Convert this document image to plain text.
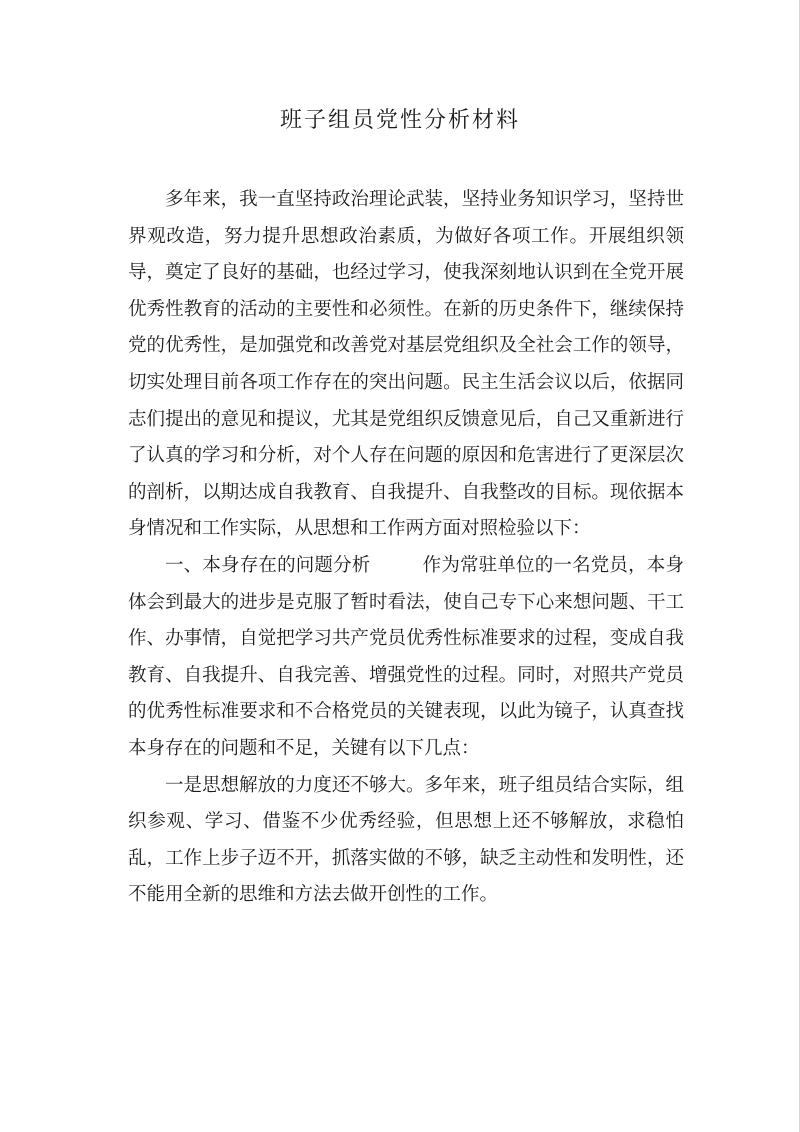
班子组员党性分析材料

多年来，我一直坚持政治理论武装，坚持业务知识学习，坚持世界观改造，努力提升思想政治素质，为做好各项工作。开展组织领导，奠定了良好的基础，也经过学习，使我深刻地认识到在全党开展优秀性教育的活动的主要性和必须性。在新的历史条件下，继续保持党的优秀性，是加强党和改善党对基层党组织及全社会工作的领导，切实处理目前各项工作存在的突出问题。民主生活会议以后，依据同志们提出的意见和提议，尤其是党组织反馈意见后，自己又重新进行了认真的学习和分析，对个人存在问题的原因和危害进行了更深层次的剖析，以期达成自我教育、自我提升、自我整改的目标。现依据本身情况和工作实际，从思想和工作两方面对照检验以下：

一、本身存在的问题分析	作为常驻单位的一名党员，本身体会到最大的进步是克服了暂时看法，使自己专下心来想问题、干工作、办事情，自觉把学习共产党员优秀性标准要求的过程，变成自我教育、自我提升、自我完善、增强党性的过程。同时，对照共产党员的优秀性标准要求和不合格党员的关键表现，以此为镜子，认真查找本身存在的问题和不足，关键有以下几点：

一是思想解放的力度还不够大。多年来，班子组员结合实际，组织参观、学习、借鉴不少优秀经验，但思想上还不够解放，求稳怕乱，工作上步子迈不开，抓落实做的不够，缺乏主动性和发明性，还不能用全新的思维和方法去做开创性的工作。
